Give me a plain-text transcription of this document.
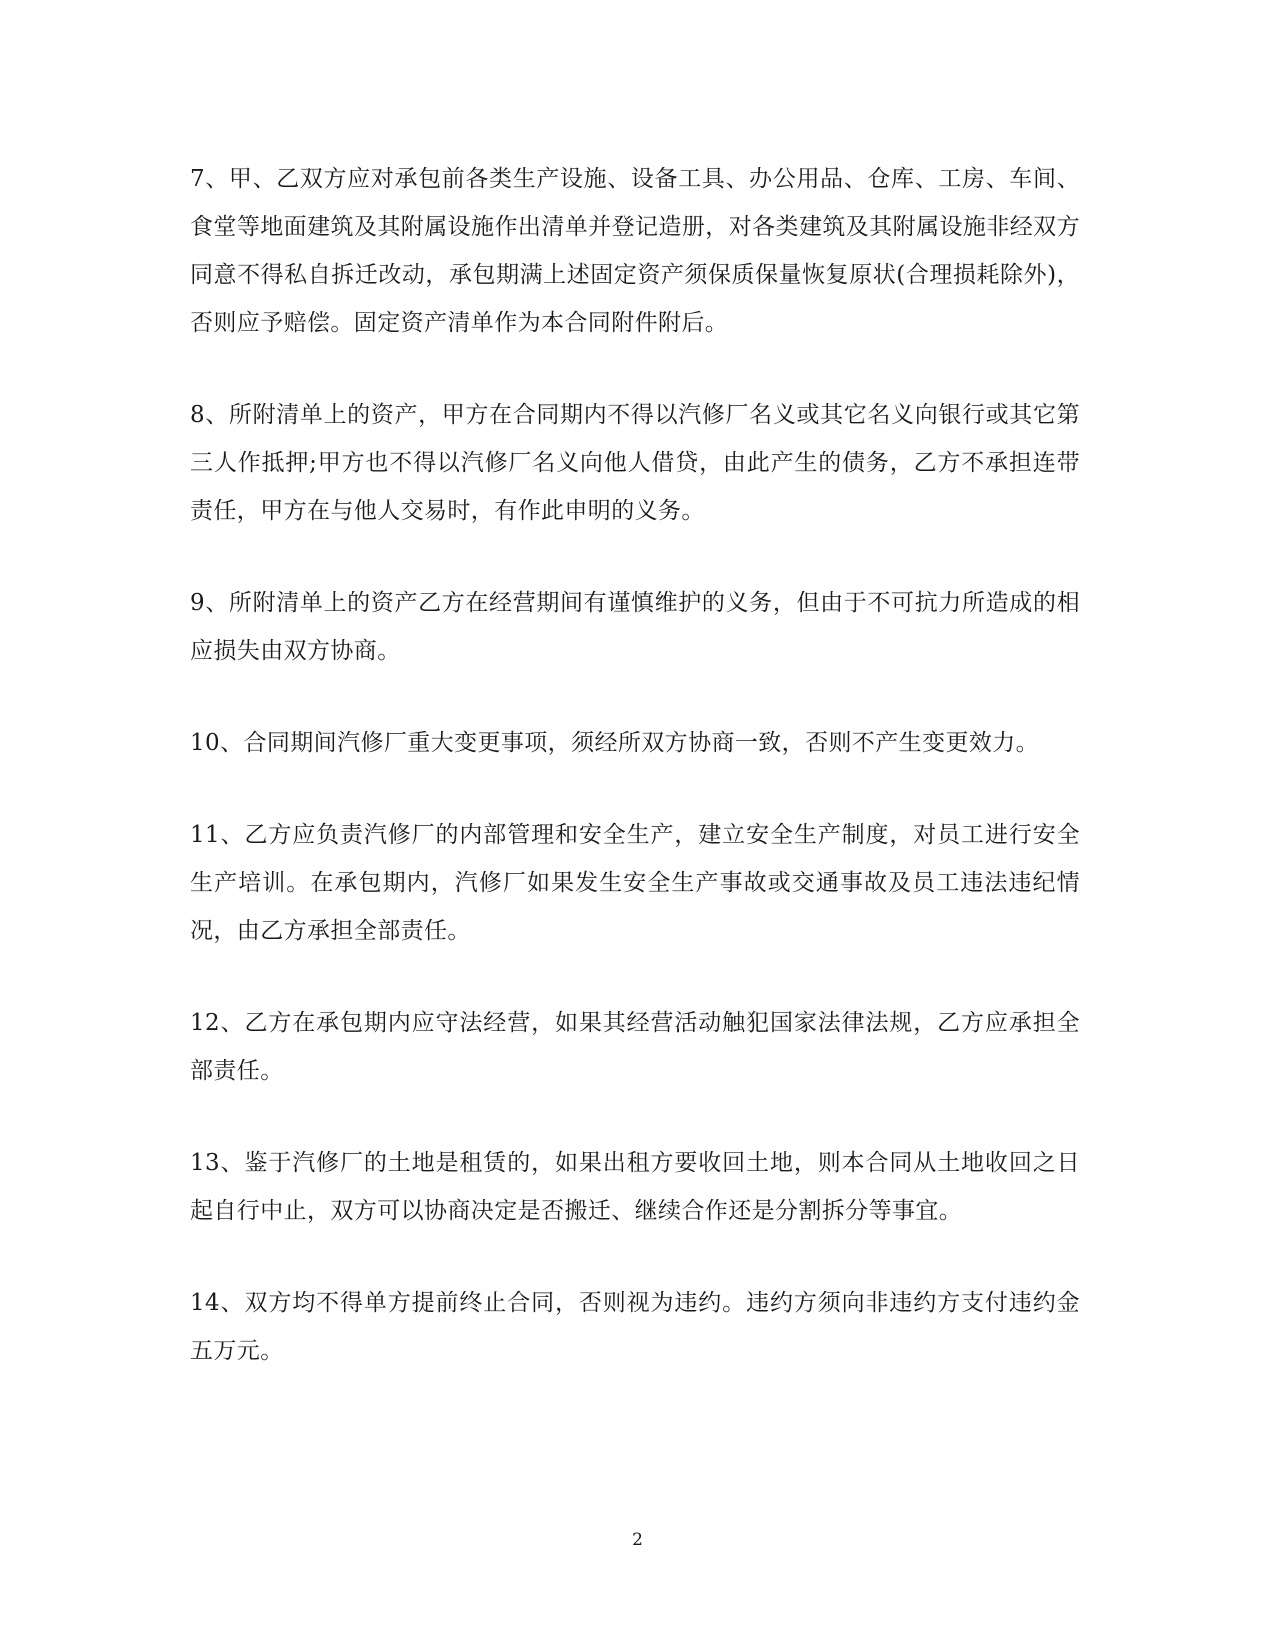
7、甲、乙双方应对承包前各类生产设施、设备工具、办公用品、仓库、工房、车间、食堂等地面建筑及其附属设施作出清单并登记造册，对各类建筑及其附属设施非经双方同意不得私自拆迁改动，承包期满上述固定资产须保质保量恢复原状(合理损耗除外)，否则应予赔偿。固定资产清单作为本合同附件附后。

8、所附清单上的资产，甲方在合同期内不得以汽修厂名义或其它名义向银行或其它第三人作抵押;甲方也不得以汽修厂名义向他人借贷，由此产生的债务，乙方不承担连带责任，甲方在与他人交易时，有作此申明的义务。

9、所附清单上的资产乙方在经营期间有谨慎维护的义务，但由于不可抗力所造成的相应损失由双方协商。

10、合同期间汽修厂重大变更事项，须经所双方协商一致，否则不产生变更效力。

11、乙方应负责汽修厂的内部管理和安全生产，建立安全生产制度，对员工进行安全生产培训。在承包期内，汽修厂如果发生安全生产事故或交通事故及员工违法违纪情况，由乙方承担全部责任。

12、乙方在承包期内应守法经营，如果其经营活动触犯国家法律法规，乙方应承担全部责任。

13、鉴于汽修厂的土地是租赁的，如果出租方要收回土地，则本合同从土地收回之日起自行中止，双方可以协商决定是否搬迁、继续合作还是分割拆分等事宜。

14、双方均不得单方提前终止合同，否则视为违约。违约方须向非违约方支付违约金五万元。

2
